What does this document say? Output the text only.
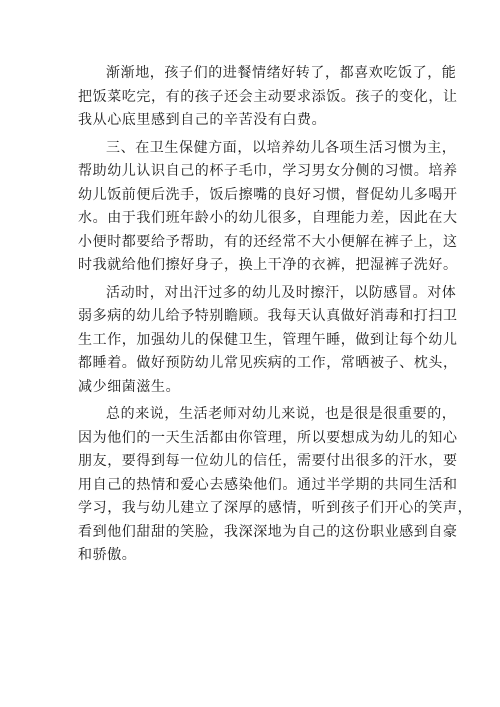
渐渐地，孩子们的进餐情绪好转了，都喜欢吃饭了，能
把饭菜吃完，有的孩子还会主动要求添饭。孩子的变化，让
我从心底里感到自己的辛苦没有白费。
三、在卫生保健方面，以培养幼儿各项生活习惯为主，
帮助幼儿认识自己的杯子毛巾，学习男女分侧的习惯。培养
幼儿饭前便后洗手，饭后擦嘴的良好习惯，督促幼儿多喝开
水。由于我们班年龄小的幼儿很多，自理能力差，因此在大
小便时都要给予帮助，有的还经常不大小便解在裤子上，这
时我就给他们擦好身子，换上干净的衣裤，把湿裤子洗好。
活动时，对出汗过多的幼儿及时擦汗，以防感冒。对体
弱多病的幼儿给予特别瞻顾。我每天认真做好消毒和打扫卫
生工作，加强幼儿的保健卫生，管理午睡，做到让每个幼儿
都睡着。做好预防幼儿常见疾病的工作，常晒被子、枕头，
减少细菌滋生。
总的来说，生活老师对幼儿来说，也是很是很重要的，
因为他们的一天生活都由你管理，所以要想成为幼儿的知心
朋友，要得到每一位幼儿的信任，需要付出很多的汗水，要
用自己的热情和爱心去感染他们。通过半学期的共同生活和
学习，我与幼儿建立了深厚的感情，听到孩子们开心的笑声，
看到他们甜甜的笑脸，我深深地为自己的这份职业感到自豪
和骄傲。
